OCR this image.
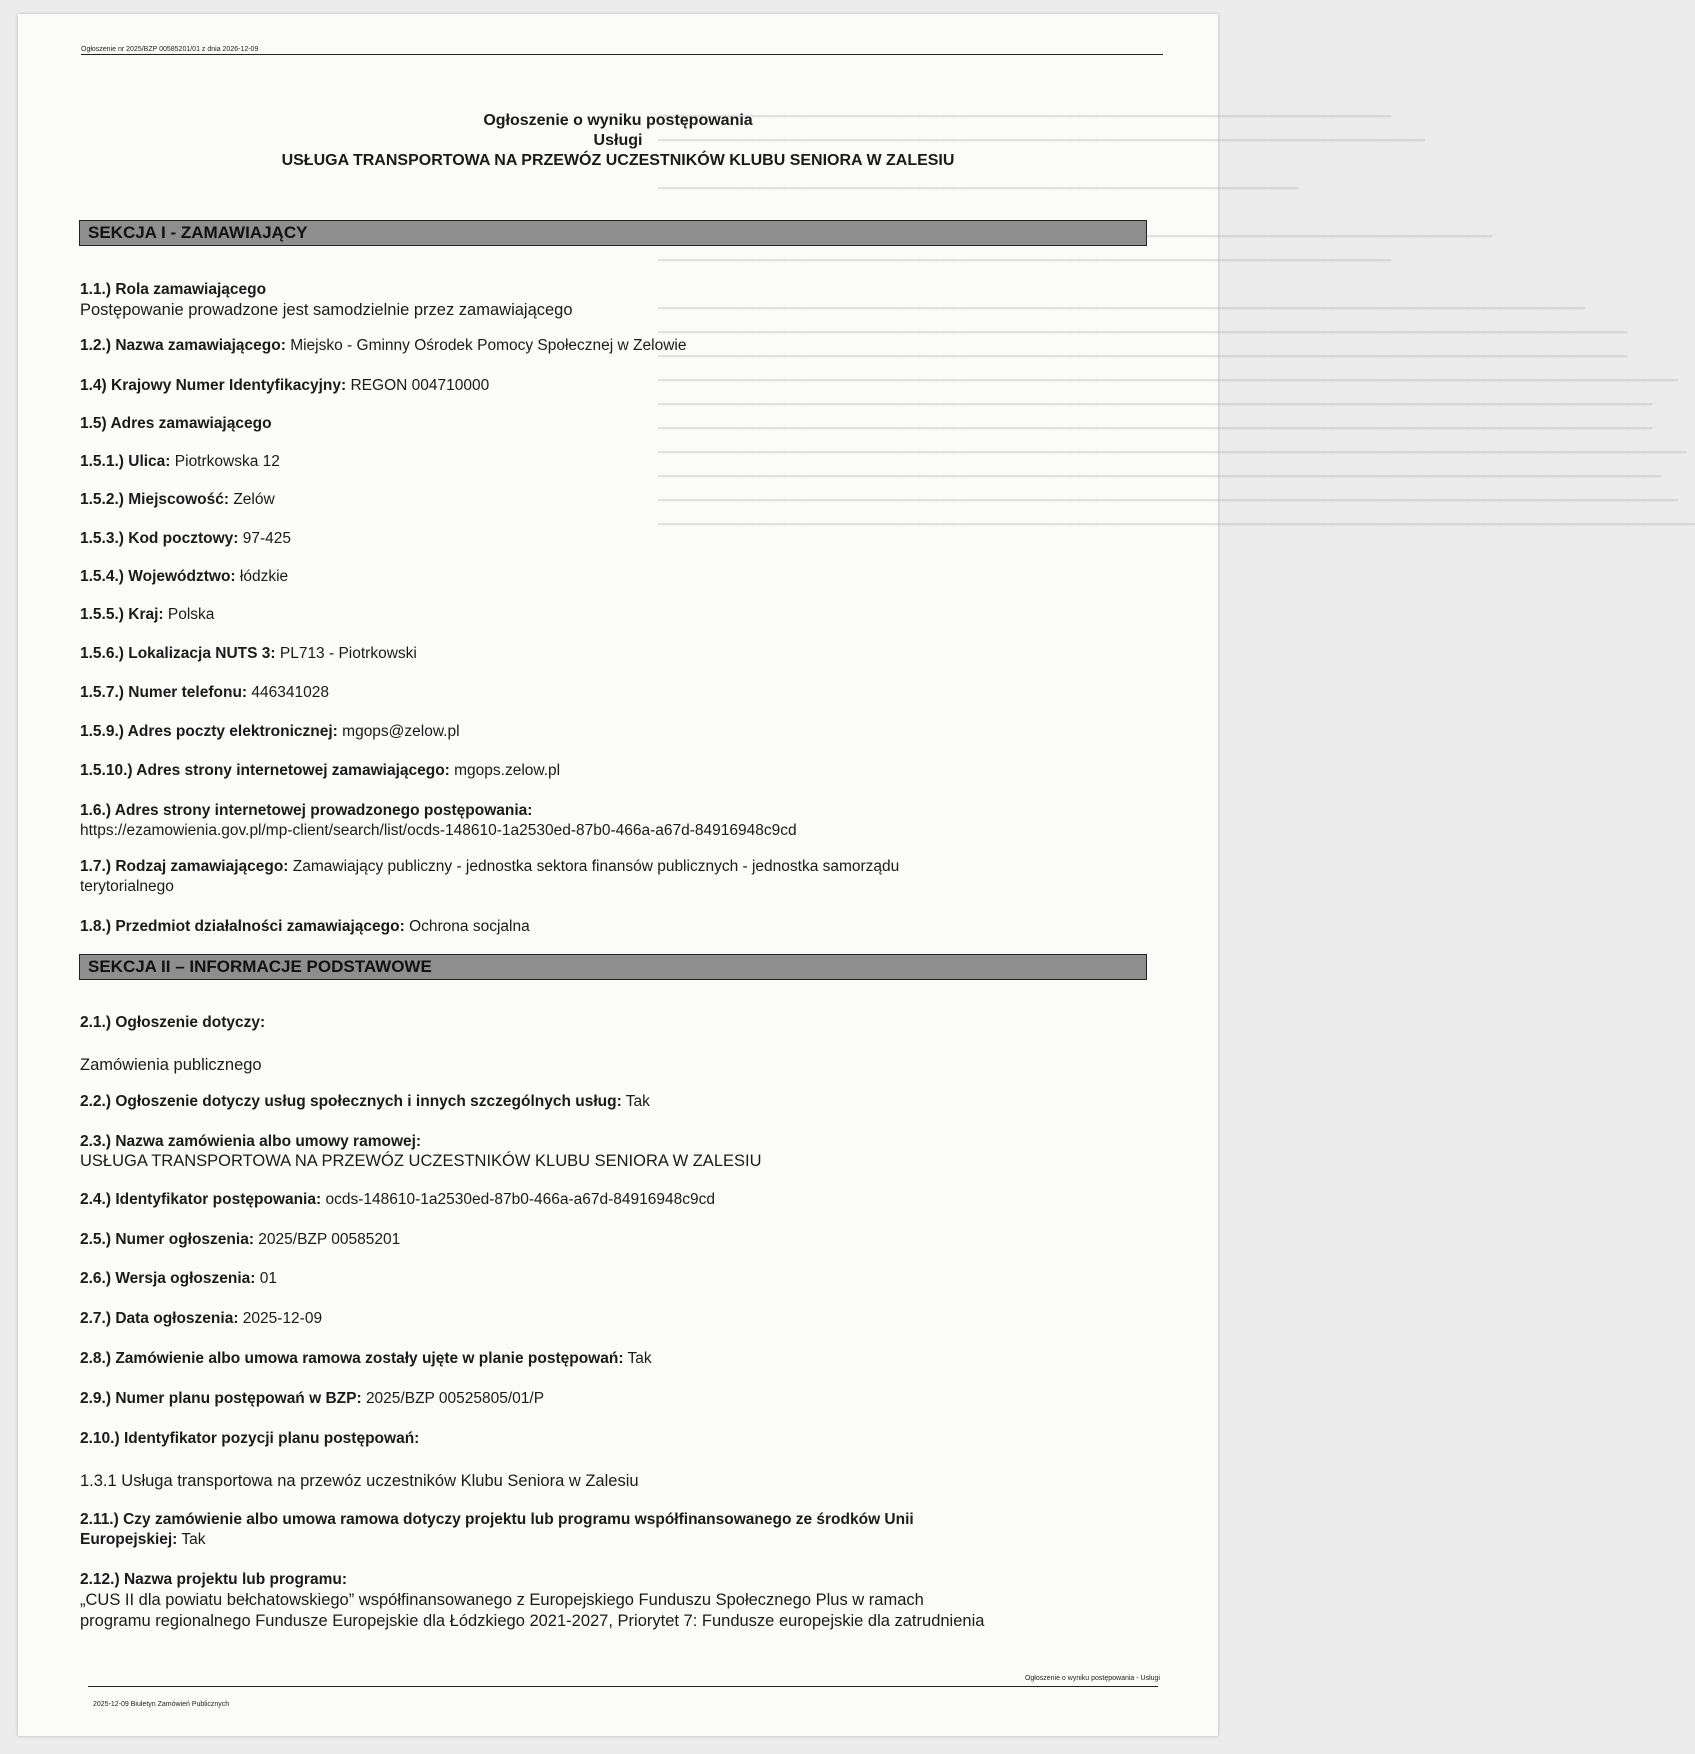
━━━━━━━━━━━━━━━━━━━━━━━━━━━━━━━━━━━━━━━━━━━━━━━━━━━━━━━━━━━━━━━━━━━━━━━━━━━━━━━━━━━━━━━
━━━━━━━━━━━━━━━━━━━━━━━━━━━━━━━━━━━━━━━━━━━━━━━━━━━━━━━━━━━━━━━━━━━━━━━━━━━━━━━━━━━━━━━━━━━

━━━━━━━━━━━━━━━━━━━━━━━━━━━━━━━━━━━━━━━━━━━━━━━━━━━━━━━━━━━━━━━━━━━━━━━━━━━━

━━━━━━━━━━━━━━━━━━━━━━━━━━━━━━━━━━━━━━━━━━━━━━━━━━━━━━━━━━━━━━━━━━━━━━━━━━━━━━━━━━━━━━━

━━━━━━━━━━━━━━━━━━━━━━━━━━━━━━━━━━━━━━━━━━━━━━━━━━━━━━━━━━━━━━━━━━━━━━━━━━━━━━━━━━━━━━━━━━━━━━━━━━━━━━━━━━━━━━
━━━━━━━━━━━━━━━━━━━━━━━━━━━━━━━━━━━━━━━━━━━━━━━━━━━━━━━━━━━━━━━━━━━━━━━━━━━━━━━━━━━━━━━━━━━━━━━━━━━━━━━━━━━━━━━━━━━
━━━━━━━━━━━━━━━━━━━━━━━━━━━━━━━━━━━━━━━━━━━━━━━━━━━━━━━━━━━━━━━━━━━━━━━━━━━━━━━━━━━━━━━━━━━━━━━━━━━━━━━━━━━━━━━━━━━
━━━━━━━━━━━━━━━━━━━━━━━━━━━━━━━━━━━━━━━━━━━━━━━━━━━━━━━━━━━━━━━━━━━━━━━━━━━━━━━━━━━━━━━━━━━━━━━━━━━━━━━━━━━━━━━━━━━━━━━━━
━━━━━━━━━━━━━━━━━━━━━━━━━━━━━━━━━━━━━━━━━━━━━━━━━━━━━━━━━━━━━━━━━━━━━━━━━━━━━━━━━━━━━━━━━━━━━━━━━━━━━━━━━━━━━━━━━━━━━━
━━━━━━━━━━━━━━━━━━━━━━━━━━━━━━━━━━━━━━━━━━━━━━━━━━━━━━━━━━━━━━━━━━━━━━━━━━━━━━━━━━━━━━━━━━━━━━━━━━━━━━━━━━━━━━━━━━━━━━
━━━━━━━━━━━━━━━━━━━━━━━━━━━━━━━━━━━━━━━━━━━━━━━━━━━━━━━━━━━━━━━━━━━━━━━━━━━━━━━━━━━━━━━━━━━━━━━━━━━━━━━━━━━━━━━━━━━━━━━━━━
━━━━━━━━━━━━━━━━━━━━━━━━━━━━━━━━━━━━━━━━━━━━━━━━━━━━━━━━━━━━━━━━━━━━━━━━━━━━━━━━━━━━━━━━━━━━━━━━━━━━━━━━━━━━━━━━━━━━━━━
━━━━━━━━━━━━━━━━━━━━━━━━━━━━━━━━━━━━━━━━━━━━━━━━━━━━━━━━━━━━━━━━━━━━━━━━━━━━━━━━━━━━━━━━━━━━━━━━━━━━━━━━━━━━━━━━━━━━━━━━━
━━━━━━━━━━━━━━━━━━━━━━━━━━━━━━━━━━━━━━━━━━━━━━━━━━━━━━━━━━━━━━━━━━━━━━━━━━━━━━━━━━━━━━━━━━━━━━━━━━━━━━━━━━━━━━━━━━━━━━━━━━━
Ogłoszenie nr 2025/BZP 00585201/01 z dnia 2026-12-09
Ogłoszenie o wyniku postępowania
Usługi
USŁUGA TRANSPORTOWA NA PRZEWÓZ UCZESTNIKÓW KLUBU SENIORA W ZALESIU
SEKCJA I - ZAMAWIAJĄCY
1.1.) Rola zamawiającego
Postępowanie prowadzone jest samodzielnie przez zamawiającego
1.2.) Nazwa zamawiającego: Miejsko - Gminny Ośrodek Pomocy Społecznej w Zelowie
1.4) Krajowy Numer Identyfikacyjny: REGON 004710000
1.5) Adres zamawiającego
1.5.1.) Ulica: Piotrkowska 12
1.5.2.) Miejscowość: Zelów
1.5.3.) Kod pocztowy: 97-425
1.5.4.) Województwo: łódzkie
1.5.5.) Kraj: Polska
1.5.6.) Lokalizacja NUTS 3: PL713 - Piotrkowski
1.5.7.) Numer telefonu: 446341028
1.5.9.) Adres poczty elektronicznej: mgops@zelow.pl
1.5.10.) Adres strony internetowej zamawiającego: mgops.zelow.pl
1.6.) Adres strony internetowej prowadzonego postępowania:
https://ezamowienia.gov.pl/mp-client/search/list/ocds-148610-1a2530ed-87b0-466a-a67d-84916948c9cd
1.7.) Rodzaj zamawiającego: Zamawiający publiczny - jednostka sektora finansów publicznych - jednostka samorządu
terytorialnego
1.8.) Przedmiot działalności zamawiającego: Ochrona socjalna
SEKCJA II – INFORMACJE PODSTAWOWE
2.1.) Ogłoszenie dotyczy:
Zamówienia publicznego
2.2.) Ogłoszenie dotyczy usług społecznych i innych szczególnych usług: Tak
2.3.) Nazwa zamówienia albo umowy ramowej:
USŁUGA TRANSPORTOWA NA PRZEWÓZ UCZESTNIKÓW KLUBU SENIORA W ZALESIU
2.4.) Identyfikator postępowania: ocds-148610-1a2530ed-87b0-466a-a67d-84916948c9cd
2.5.) Numer ogłoszenia: 2025/BZP 00585201
2.6.) Wersja ogłoszenia: 01
2.7.) Data ogłoszenia: 2025-12-09
2.8.) Zamówienie albo umowa ramowa zostały ujęte w planie postępowań: Tak
2.9.) Numer planu postępowań w BZP: 2025/BZP 00525805/01/P
2.10.) Identyfikator pozycji planu postępowań:
1.3.1 Usługa transportowa na przewóz uczestników Klubu Seniora w Zalesiu
2.11.) Czy zamówienie albo umowa ramowa dotyczy projektu lub programu współfinansowanego ze środków Unii
Europejskiej: Tak
2.12.) Nazwa projektu lub programu:
„CUS II dla powiatu bełchatowskiego” współfinansowanego z Europejskiego Funduszu Społecznego Plus w ramach
programu regionalnego Fundusze Europejskie dla Łódzkiego 2021-2027, Priorytet 7: Fundusze europejskie dla zatrudnienia
2025-12-09 Biuletyn Zamówień Publicznych
Ogłoszenie o wyniku postępowania - Usługi
